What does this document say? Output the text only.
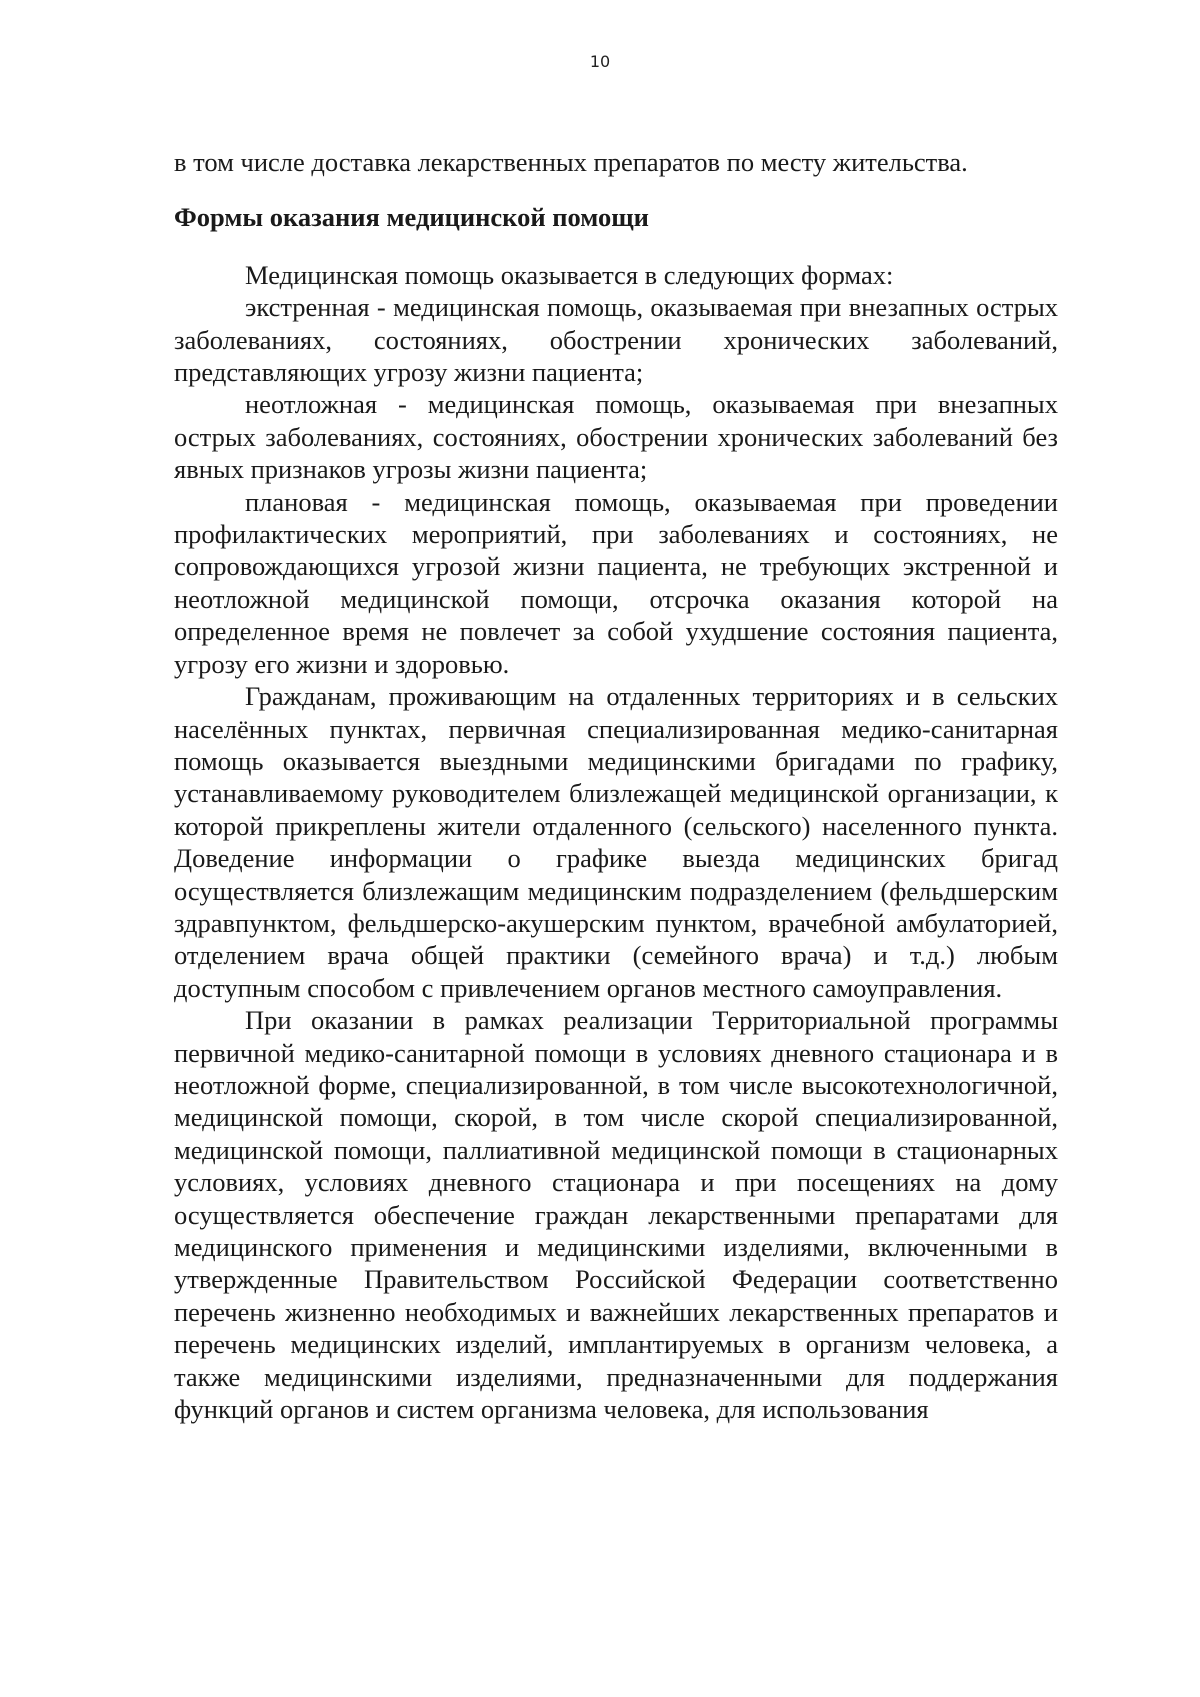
10

в том числе доставка лекарственных препаратов по месту жительства.

Формы оказания медицинской помощи

Медицинская помощь оказывается в следующих формах:

экстренная - медицинская помощь, оказываемая при внезапных острых заболеваниях, состояниях, обострении хронических заболеваний, представляющих угрозу жизни пациента;

неотложная - медицинская помощь, оказываемая при внезапных острых заболеваниях, состояниях, обострении хронических заболеваний без явных признаков угрозы жизни пациента;

плановая - медицинская помощь, оказываемая при проведении профилактических мероприятий, при заболеваниях и состояниях, не сопровождающихся угрозой жизни пациента, не требующих экстренной и неотложной медицинской помощи, отсрочка оказания которой на определенное время не повлечет за собой ухудшение состояния пациента, угрозу его жизни и здоровью.

Гражданам, проживающим на отдаленных территориях и в сельских населённых пунктах, первичная специализированная медико-санитарная помощь оказывается выездными медицинскими бригадами по графику, устанавливаемому руководителем близлежащей медицинской организации, к которой прикреплены жители отдаленного (сельского) населенного пункта. Доведение информации о графике выезда медицинских бригад осуществляется близлежащим медицинским подразделением (фельдшерским здравпунктом, фельдшерско-акушерским пунктом, врачебной амбулаторией, отделением врача общей практики (семейного врача) и т.д.) любым доступным способом с привлечением органов местного самоуправления.

При оказании в рамках реализации Территориальной программы первичной медико-санитарной помощи в условиях дневного стационара и в неотложной форме, специализированной, в том числе высокотехнологичной, медицинской помощи, скорой, в том числе скорой специализированной, медицинской помощи, паллиативной медицинской помощи в стационарных условиях, условиях дневного стационара и при посещениях на дому осуществляется обеспечение граждан лекарственными препаратами для медицинского применения и медицинскими изделиями, включенными в утвержденные Правительством Российской Федерации соответственно перечень жизненно необходимых и важнейших лекарственных препаратов и перечень медицинских изделий, имплантируемых в организм человека, а также медицинскими изделиями, предназначенными для поддержания функций органов и систем организма человека, для использования
